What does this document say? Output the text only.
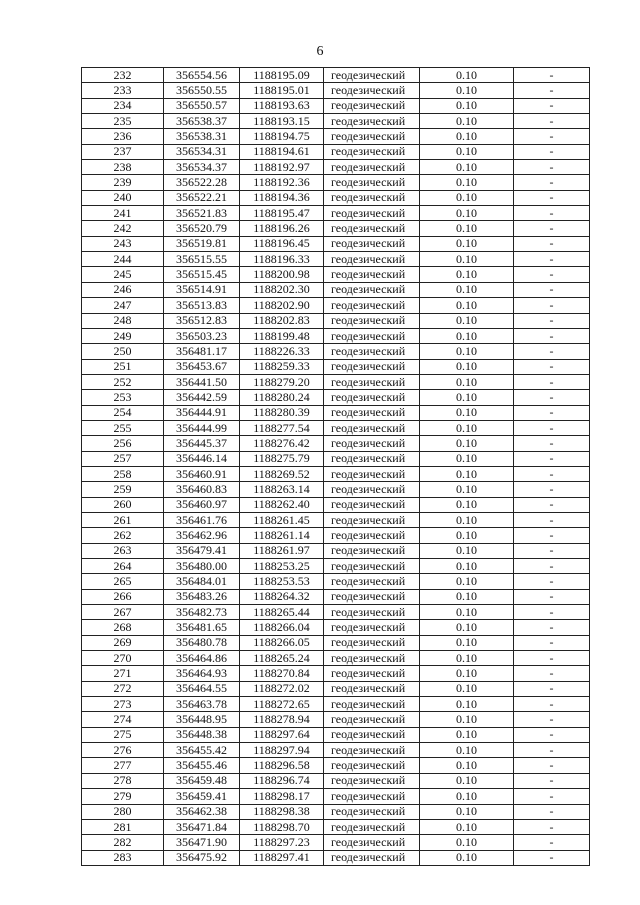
6
232	356554.56	1188195.09	геодезический	0.10	-
233	356550.55	1188195.01	геодезический	0.10	-
234	356550.57	1188193.63	геодезический	0.10	-
235	356538.37	1188193.15	геодезический	0.10	-
236	356538.31	1188194.75	геодезический	0.10	-
237	356534.31	1188194.61	геодезический	0.10	-
238	356534.37	1188192.97	геодезический	0.10	-
239	356522.28	1188192.36	геодезический	0.10	-
240	356522.21	1188194.36	геодезический	0.10	-
241	356521.83	1188195.47	геодезический	0.10	-
242	356520.79	1188196.26	геодезический	0.10	-
243	356519.81	1188196.45	геодезический	0.10	-
244	356515.55	1188196.33	геодезический	0.10	-
245	356515.45	1188200.98	геодезический	0.10	-
246	356514.91	1188202.30	геодезический	0.10	-
247	356513.83	1188202.90	геодезический	0.10	-
248	356512.83	1188202.83	геодезический	0.10	-
249	356503.23	1188199.48	геодезический	0.10	-
250	356481.17	1188226.33	геодезический	0.10	-
251	356453.67	1188259.33	геодезический	0.10	-
252	356441.50	1188279.20	геодезический	0.10	-
253	356442.59	1188280.24	геодезический	0.10	-
254	356444.91	1188280.39	геодезический	0.10	-
255	356444.99	1188277.54	геодезический	0.10	-
256	356445.37	1188276.42	геодезический	0.10	-
257	356446.14	1188275.79	геодезический	0.10	-
258	356460.91	1188269.52	геодезический	0.10	-
259	356460.83	1188263.14	геодезический	0.10	-
260	356460.97	1188262.40	геодезический	0.10	-
261	356461.76	1188261.45	геодезический	0.10	-
262	356462.96	1188261.14	геодезический	0.10	-
263	356479.41	1188261.97	геодезический	0.10	-
264	356480.00	1188253.25	геодезический	0.10	-
265	356484.01	1188253.53	геодезический	0.10	-
266	356483.26	1188264.32	геодезический	0.10	-
267	356482.73	1188265.44	геодезический	0.10	-
268	356481.65	1188266.04	геодезический	0.10	-
269	356480.78	1188266.05	геодезический	0.10	-
270	356464.86	1188265.24	геодезический	0.10	-
271	356464.93	1188270.84	геодезический	0.10	-
272	356464.55	1188272.02	геодезический	0.10	-
273	356463.78	1188272.65	геодезический	0.10	-
274	356448.95	1188278.94	геодезический	0.10	-
275	356448.38	1188297.64	геодезический	0.10	-
276	356455.42	1188297.94	геодезический	0.10	-
277	356455.46	1188296.58	геодезический	0.10	-
278	356459.48	1188296.74	геодезический	0.10	-
279	356459.41	1188298.17	геодезический	0.10	-
280	356462.38	1188298.38	геодезический	0.10	-
281	356471.84	1188298.70	геодезический	0.10	-
282	356471.90	1188297.23	геодезический	0.10	-
283	356475.92	1188297.41	геодезический	0.10	-
